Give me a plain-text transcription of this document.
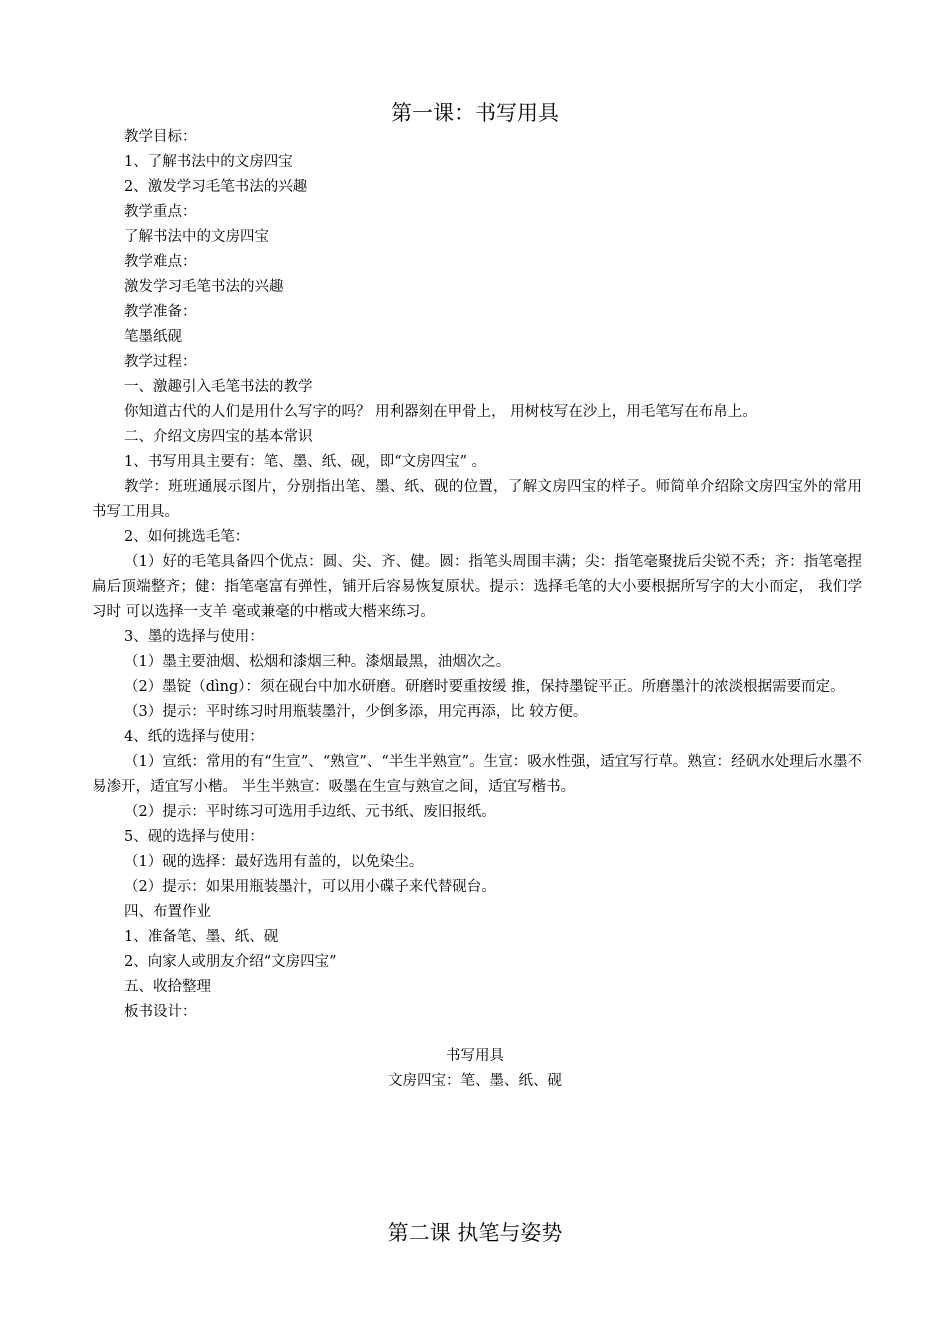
第一课：书写用具
教学目标：
1、了解书法中的文房四宝
2、激发学习毛笔书法的兴趣
教学重点：
了解书法中的文房四宝
教学难点：
激发学习毛笔书法的兴趣
教学准备：
笔墨纸砚
教学过程：
一、激趣引入毛笔书法的教学
你知道古代的人们是用什么写字的吗？ 用利器刻在甲骨上， 用树枝写在沙上，用毛笔写在布帛上。
二、介绍文房四宝的基本常识
1、书写用具主要有：笔、墨、纸、砚，即“文房四宝” 。
教学：班班通展示图片，分别指出笔、墨、纸、砚的位置，了解文房四宝的样子。师简单介绍除文房四宝外的常用书写工用具。
2、如何挑选毛笔：
（1）好的毛笔具备四个优点：圆、尖、齐、健。圆：指笔头周围丰满；尖：指笔毫聚拢后尖锐不秃；齐：指笔毫捏扁后顶端整齐；健：指笔毫富有弹性，铺开后容易恢复原状。提示：选择毛笔的大小要根据所写字的大小而定， 我们学习时 可以选择一支羊 毫或兼毫的中楷或大楷来练习。
3、墨的选择与使用：
（1）墨主要油烟、松烟和漆烟三种。漆烟最黑，油烟次之。
（2）墨锭（dìng）：须在砚台中加水研磨。研磨时要重按缓 推，保持墨锭平正。所磨墨汁的浓淡根据需要而定。
（3）提示：平时练习时用瓶装墨汁，少倒多添，用完再添，比 较方便。
4、纸的选择与使用：
（1）宣纸：常用的有“生宣”、“熟宣”、“半生半熟宣”。生宣：吸水性强，适宜写行草。熟宣：经矾水处理后水墨不易渗开，适宜写小楷。 半生半熟宣：吸墨在生宣与熟宣之间，适宜写楷书。
（2）提示：平时练习可选用手边纸、元书纸、废旧报纸。
5、砚的选择与使用：
（1）砚的选择：最好选用有盖的，以免染尘。
（2）提示：如果用瓶装墨汁，可以用小碟子来代替砚台。
四、布置作业
1、准备笔、墨、纸、砚
2、向家人或朋友介绍“文房四宝”
五、收拾整理
板书设计：
书写用具
文房四宝：笔、墨、纸、砚
第二课 执笔与姿势
